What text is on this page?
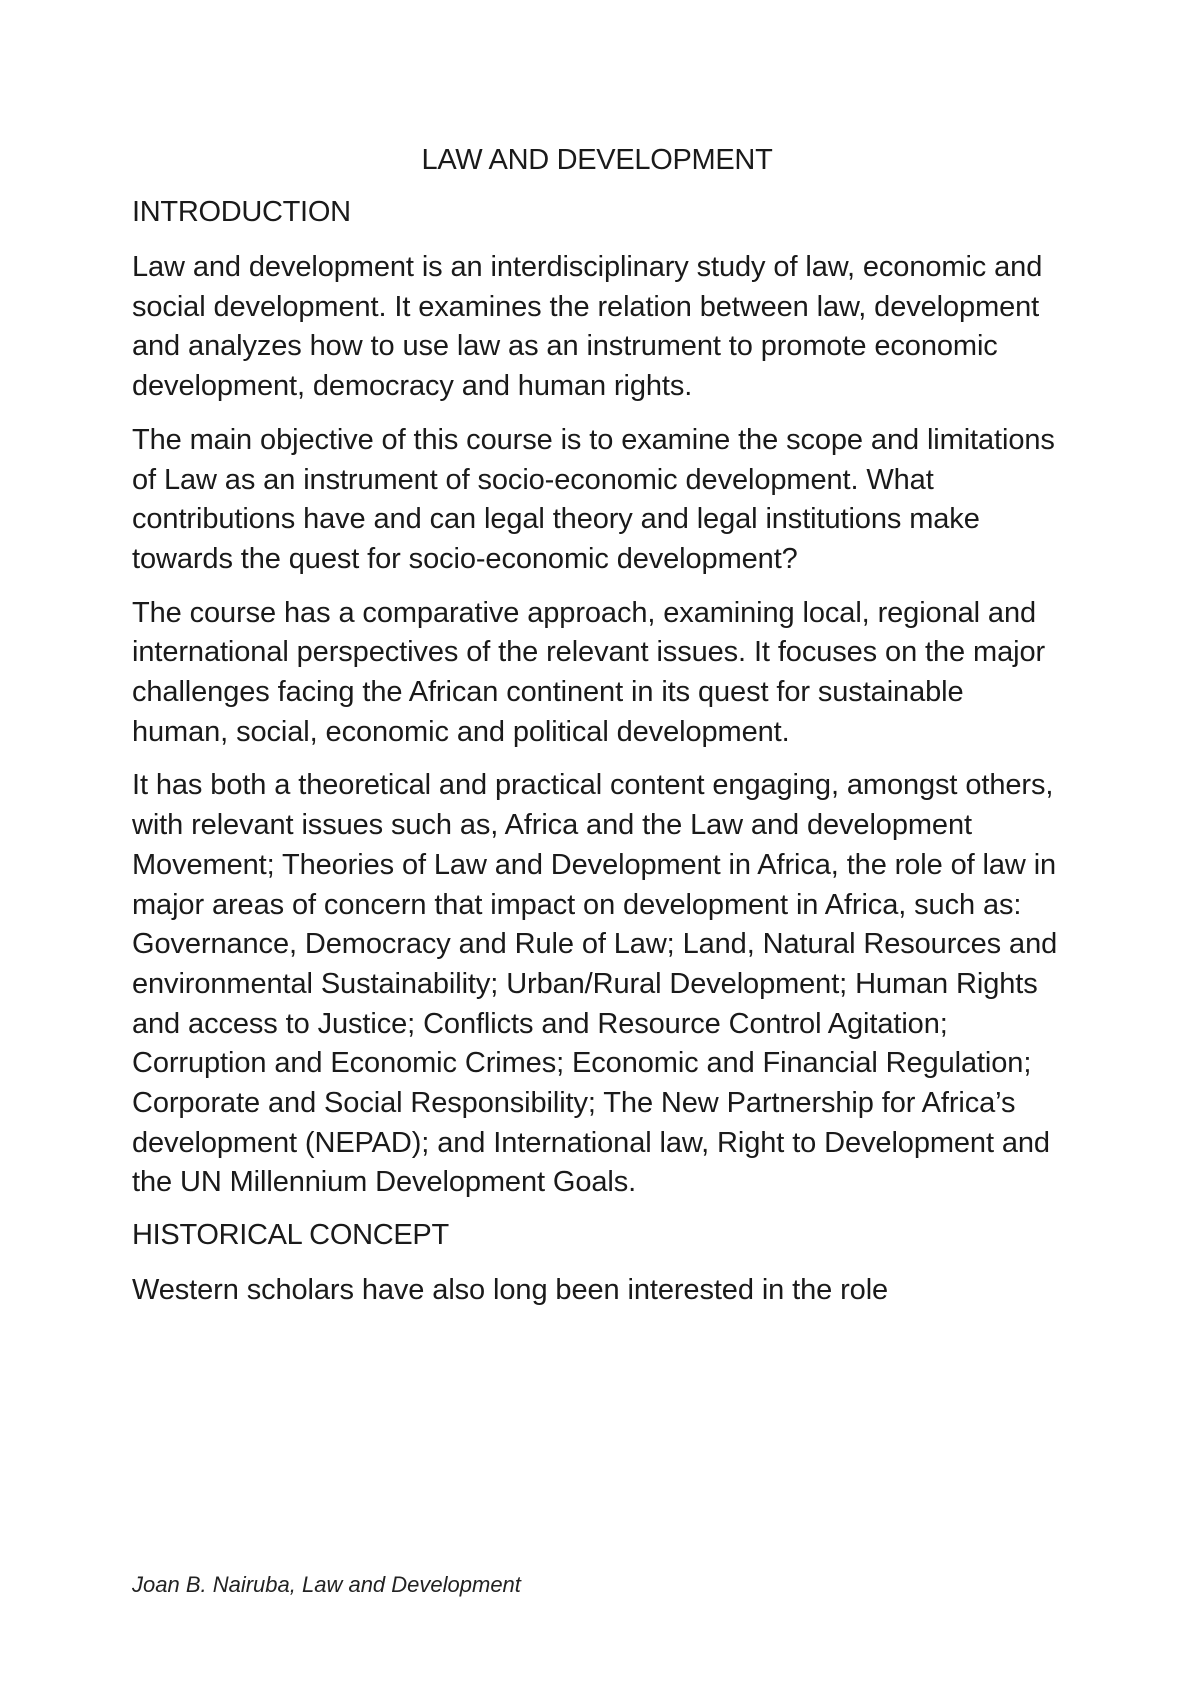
LAW AND DEVELOPMENT
INTRODUCTION

Law and development is an interdisciplinary study of law, economic and social development. It examines the relation between law, development and analyzes how to use law as an instrument to promote economic development, democracy and human rights.

The main objective of this course is to examine the scope and limitations of Law as an instrument of socio-economic development. What contributions have and can legal theory and legal institutions make towards the quest for socio-economic development?

The course has a comparative approach, examining local, regional and international perspectives of the relevant issues. It focuses on the major challenges facing the African continent in its quest for sustainable human, social, economic and political development.

It has both a theoretical and practical content engaging, amongst others, with relevant issues such as, Africa and the Law and development Movement; Theories of Law and Development in Africa, the role of law in major areas of concern that impact on development in Africa, such as: Governance, Democracy and Rule of Law; Land, Natural Resources and environmental Sustainability; Urban/Rural Development; Human Rights and access to Justice; Conflicts and Resource Control Agitation; Corruption and Economic Crimes; Economic and Financial Regulation; Corporate and Social Responsibility; The New Partnership for Africa’s development (NEPAD); and International law, Right to Development and the UN Millennium Development Goals.

HISTORICAL CONCEPT

Western scholars have also long been interested in the role

Joan B. Nairuba, Law and Development
